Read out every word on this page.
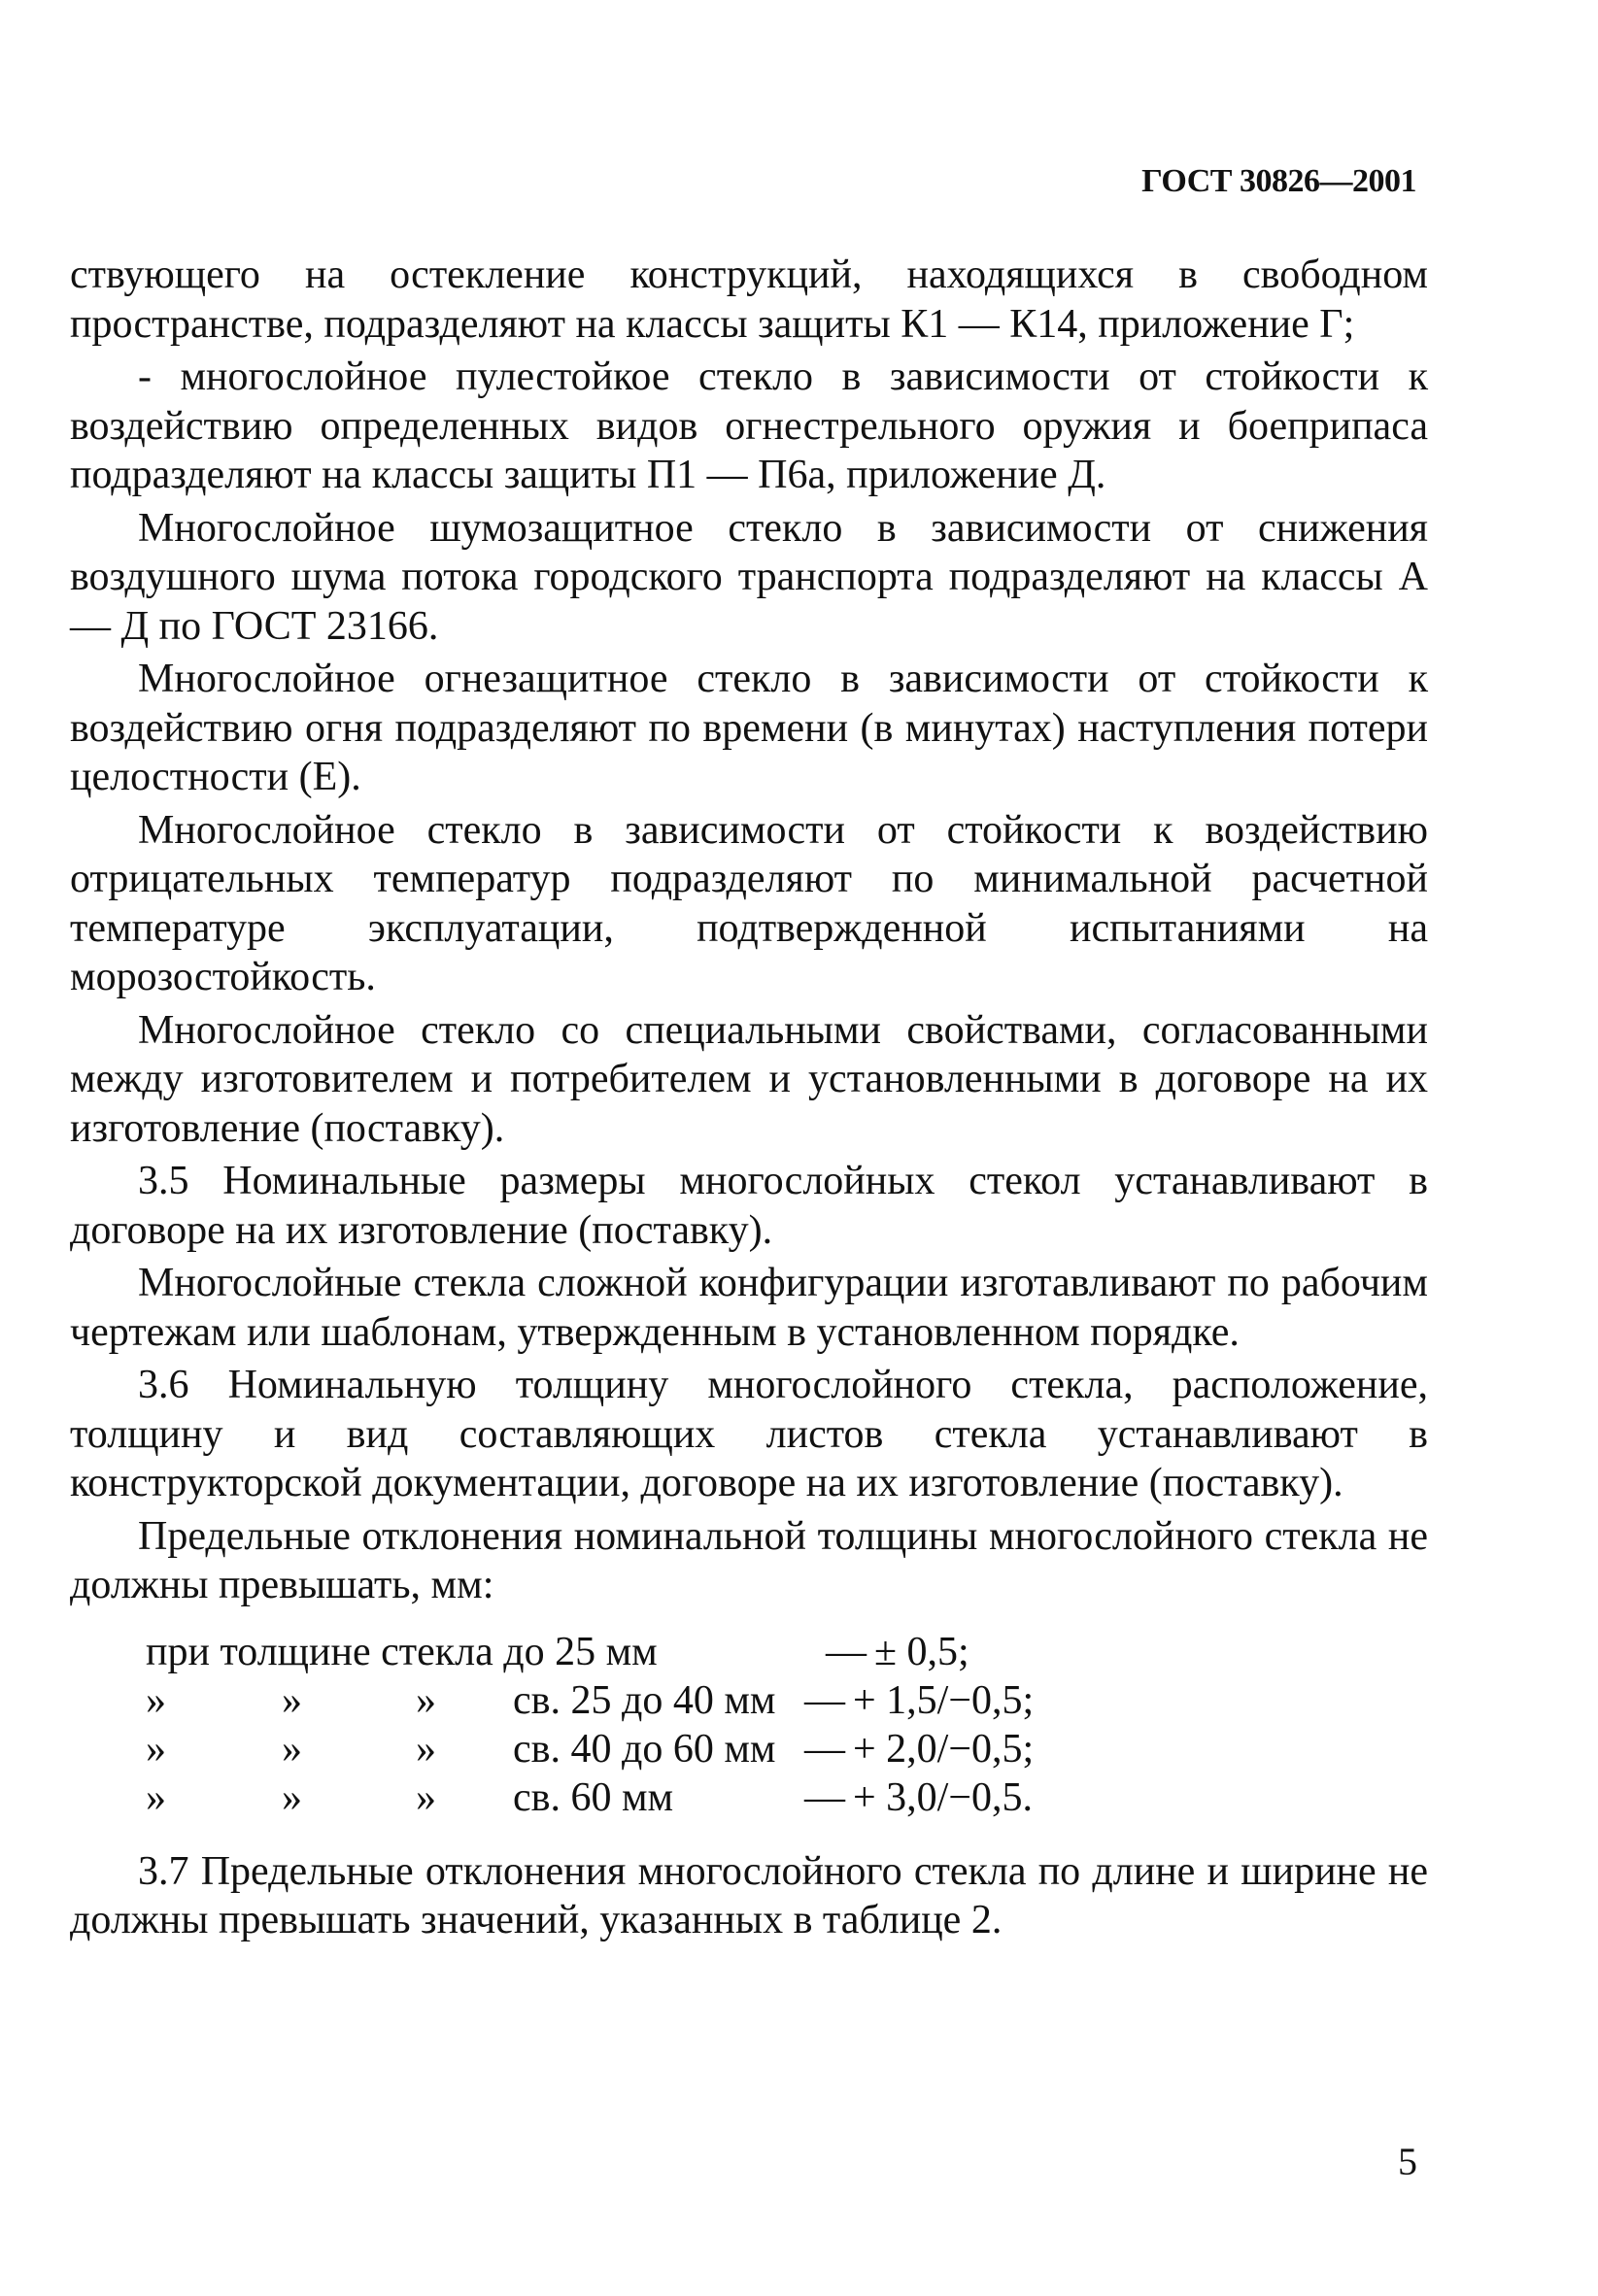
ГОСТ 30826—2001

ствующего на остекление конструкций, находящихся в свободном пространстве, подразделяют на классы защиты К1 — К14, приложение Г;

- многослойное пулестойкое стекло в зависимости от стойкости к воздействию определенных видов огнестрельного оружия и боеприпаса подразделяют на классы защиты П1 — П6а, приложение Д.

Многослойное шумозащитное стекло в зависимости от снижения воздушного шума потока городского транспорта подразделяют на классы А — Д по ГОСТ 23166.

Многослойное огнезащитное стекло в зависимости от стойкости к воздействию огня подразделяют по времени (в минутах) наступления потери целостности (Е).

Многослойное стекло в зависимости от стойкости к воздействию отрицательных температур подразделяют по минимальной расчетной температуре эксплуатации, подтвержденной испытаниями на морозостойкость.

Многослойное стекло со специальными свойствами, согласованными между изготовителем и потребителем и установленными в договоре на их изготовление (поставку).

3.5 Номинальные размеры многослойных стекол устанавливают в договоре на их изготовление (поставку).

Многослойные стекла сложной конфигурации изготавливают по рабочим чертежам или шаблонам, утвержденным в установленном порядке.

3.6 Номинальную толщину многослойного стекла, расположение, толщину и вид составляющих листов стекла устанавливают в конструкторской документации, договоре на их изготовление (поставку).

Предельные отклонения номинальной толщины многослойного стекла не должны превышать, мм:

при толщине стекла до 25 мм	— ± 0,5;
»	»	»	св. 25 до 40 мм — + 1,5/−0,5;
»	»	»	св. 40 до 60 мм — + 2,0/−0,5;
»	»	»	св. 60 мм	— + 3,0/−0,5.

3.7 Предельные отклонения многослойного стекла по длине и ширине не должны превышать значений, указанных в таблице 2.

5
